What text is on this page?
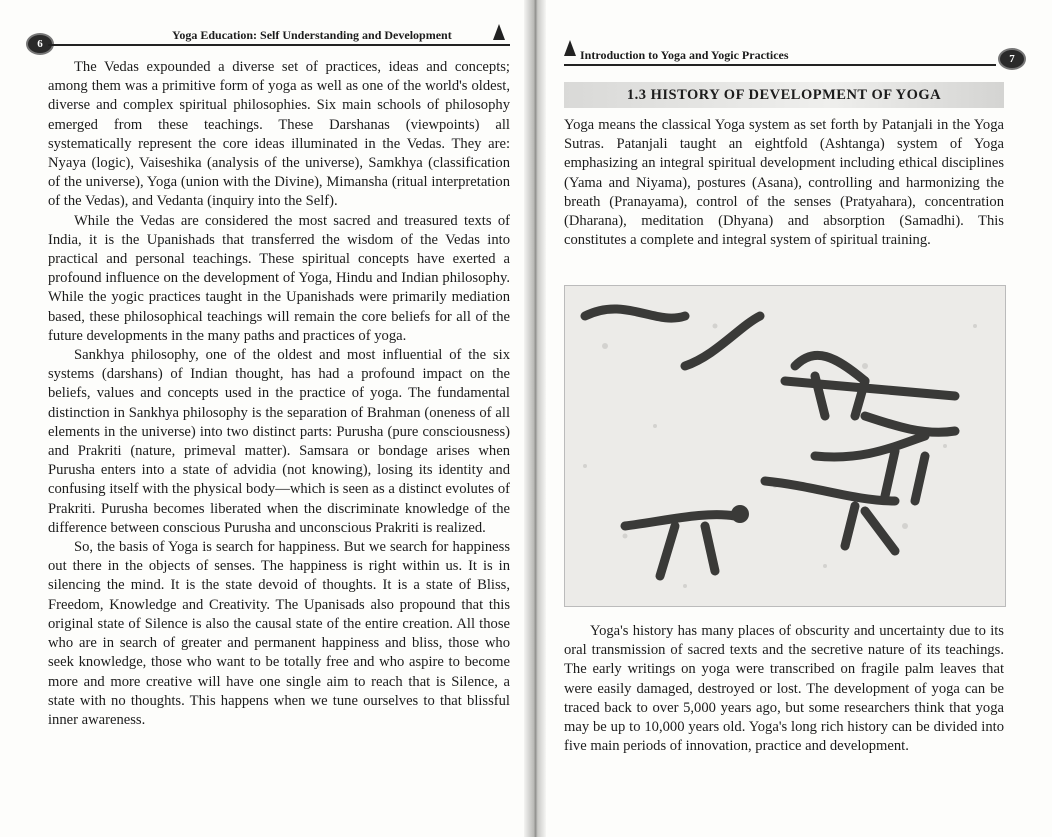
6
Yoga Education: Self Understanding and Development

The Vedas expounded a diverse set of practices, ideas and concepts; among them was a primitive form of yoga as well as one of the world's oldest, diverse and complex spiritual philosophies. Six main schools of philosophy emerged from these teachings. These Darshanas (viewpoints) all systematically represent the core ideas illuminated in the Vedas. They are: Nyaya (logic), Vaiseshika (analysis of the universe), Samkhya (classification of the universe), Yoga (union with the Divine), Mimansha (ritual interpretation of the Vedas), and Vedanta (inquiry into the Self).

While the Vedas are considered the most sacred and treasured texts of India, it is the Upanishads that transferred the wisdom of the Vedas into practical and personal teachings. These spiritual concepts have exerted a profound influence on the development of Yoga, Hindu and Indian philosophy. While the yogic practices taught in the Upanishads were primarily mediation based, these philosophical teachings will remain the core beliefs for all of the future developments in the many paths and practices of yoga.

Sankhya philosophy, one of the oldest and most influential of the six systems (darshans) of Indian thought, has had a profound impact on the beliefs, values and concepts used in the practice of yoga. The fundamental distinction in Sankhya philosophy is the separation of Brahman (oneness of all elements in the universe) into two distinct parts: Purusha (pure consciousness) and Prakriti (nature, primeval matter). Samsara or bondage arises when Purusha enters into a state of advidia (not knowing), losing its identity and confusing itself with the physical body—which is seen as a distinct evolutes of Prakriti. Purusha becomes liberated when the discriminate knowledge of the difference between conscious Purusha and unconscious Prakriti is realized.

So, the basis of Yoga is search for happiness. But we search for happiness out there in the objects of senses. The happiness is right within us. It is in silencing the mind. It is the state devoid of thoughts. It is a state of Bliss, Freedom, Knowledge and Creativity. The Upanisads also propound that this original state of Silence is also the causal state of the entire creation. All those who are in search of greater and permanent happiness and bliss, those who seek knowledge, those who want to be totally free and who aspire to become more and more creative will have one single aim to reach that is Silence, a state with no thoughts. This happens when we tune ourselves to that blissful inner awareness.

Introduction to Yoga and Yogic Practices	7
1.3 HISTORY OF DEVELOPMENT OF YOGA

Yoga means the classical Yoga system as set forth by Patanjali in the Yoga Sutras. Patanjali taught an eightfold (Ashtanga) system of Yoga emphasizing an integral spiritual development including ethical disciplines (Yama and Niyama), postures (Asana), controlling and harmonizing the breath (Pranayama), control of the senses (Pratyahara), concentration (Dharana), meditation (Dhyana) and absorption (Samadhi). This constitutes a complete and integral system of spiritual training.

Yoga's history has many places of obscurity and uncertainty due to its oral transmission of sacred texts and the secretive nature of its teachings. The early writings on yoga were transcribed on fragile palm leaves that were easily damaged, destroyed or lost. The development of yoga can be traced back to over 5,000 years ago, but some researchers think that yoga may be up to 10,000 years old. Yoga's long rich history can be divided into five main periods of innovation, practice and development.
